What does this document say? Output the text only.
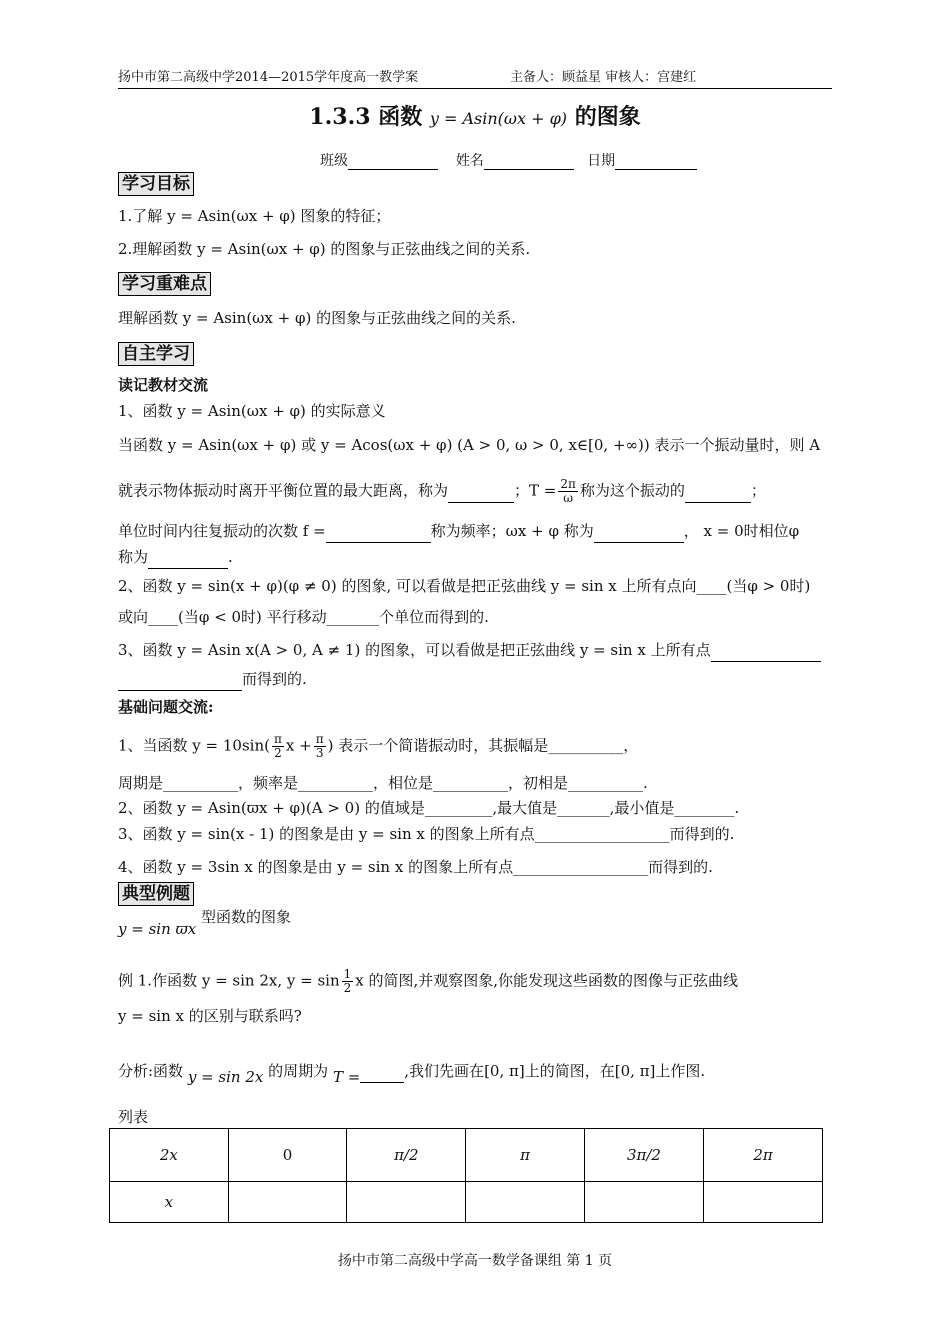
扬中市第二高级中学2014—2015学年度高一教学案	主备人：顾益星 审核人：宫建红
1.3.3 函数 y = Asin(ωx + φ) 的图象
班级	姓名	日期
学习目标
1.了解 y = Asin(ωx + φ) 图象的特征；
2.理解函数 y = Asin(ωx + φ) 的图象与正弦曲线之间的关系.
学习重难点
理解函数 y = Asin(ωx + φ) 的图象与正弦曲线之间的关系.
自主学习
读记教材交流
1、函数 y = Asin(ωx + φ) 的实际意义
当函数 y = Asin(ωx + φ) 或 y = Acos(ωx + φ) (A > 0, ω > 0, x∈[0, +∞)) 表示一个振动量时，则 A
就表示物体振动时离开平衡位置的最大距离，称为	；$T = \frac{2\pi}{\omega}$ 称为这个振动的	；
单位时间内往复振动的次数 f =	称为频率；ωx + φ 称为	， x = 0时相位φ
称为	.
2、函数 y = sin(x + φ)(φ ≠ 0) 的图象, 可以看做是把正弦曲线 y = sin x 上所有点向____(当φ > 0时)
或向____(当φ < 0时) 平行移动_______个单位而得到的.
3、函数 y = Asin x(A > 0, A ≠ 1) 的图象，可以看做是把正弦曲线 y = sin x 上所有点
而得到的.
基础问题交流:
1、当函数 $y = 10\sin( \frac{\pi}{2}$ $x + \frac{\pi}{3}$ ) 表示一个简谐振动时，其振幅是__________，
周期是__________，频率是__________，相位是__________，初相是__________.
2、函数 y = Asin(ϖx + φ)(A > 0) 的值域是_________,最大值是_______,最小值是________.
3、函数 y = sin(x - 1) 的图象是由 y = sin x 的图象上所有点__________________而得到的.
4、函数 y = 3sin x 的图象是由 y = sin x 的图象上所有点__________________而得到的.
典型例题
y = sin ϖx 型函数的图象
例 1.作函数 y = sin 2x, $y = \sin \frac{1}{2}$ x 的简图,并观察图象,你能发现这些函数的图像与正弦曲线
y = sin x 的区别与联系吗?
分析:函数 y = sin 2x 的周期为 T =	,我们先画在[0, π]上的简图，在[0, π]上作图.
列表
2x	0	π/2	π	3π/2	2π
x					
扬中市第二高级中学高一数学备课组 第 1 页
